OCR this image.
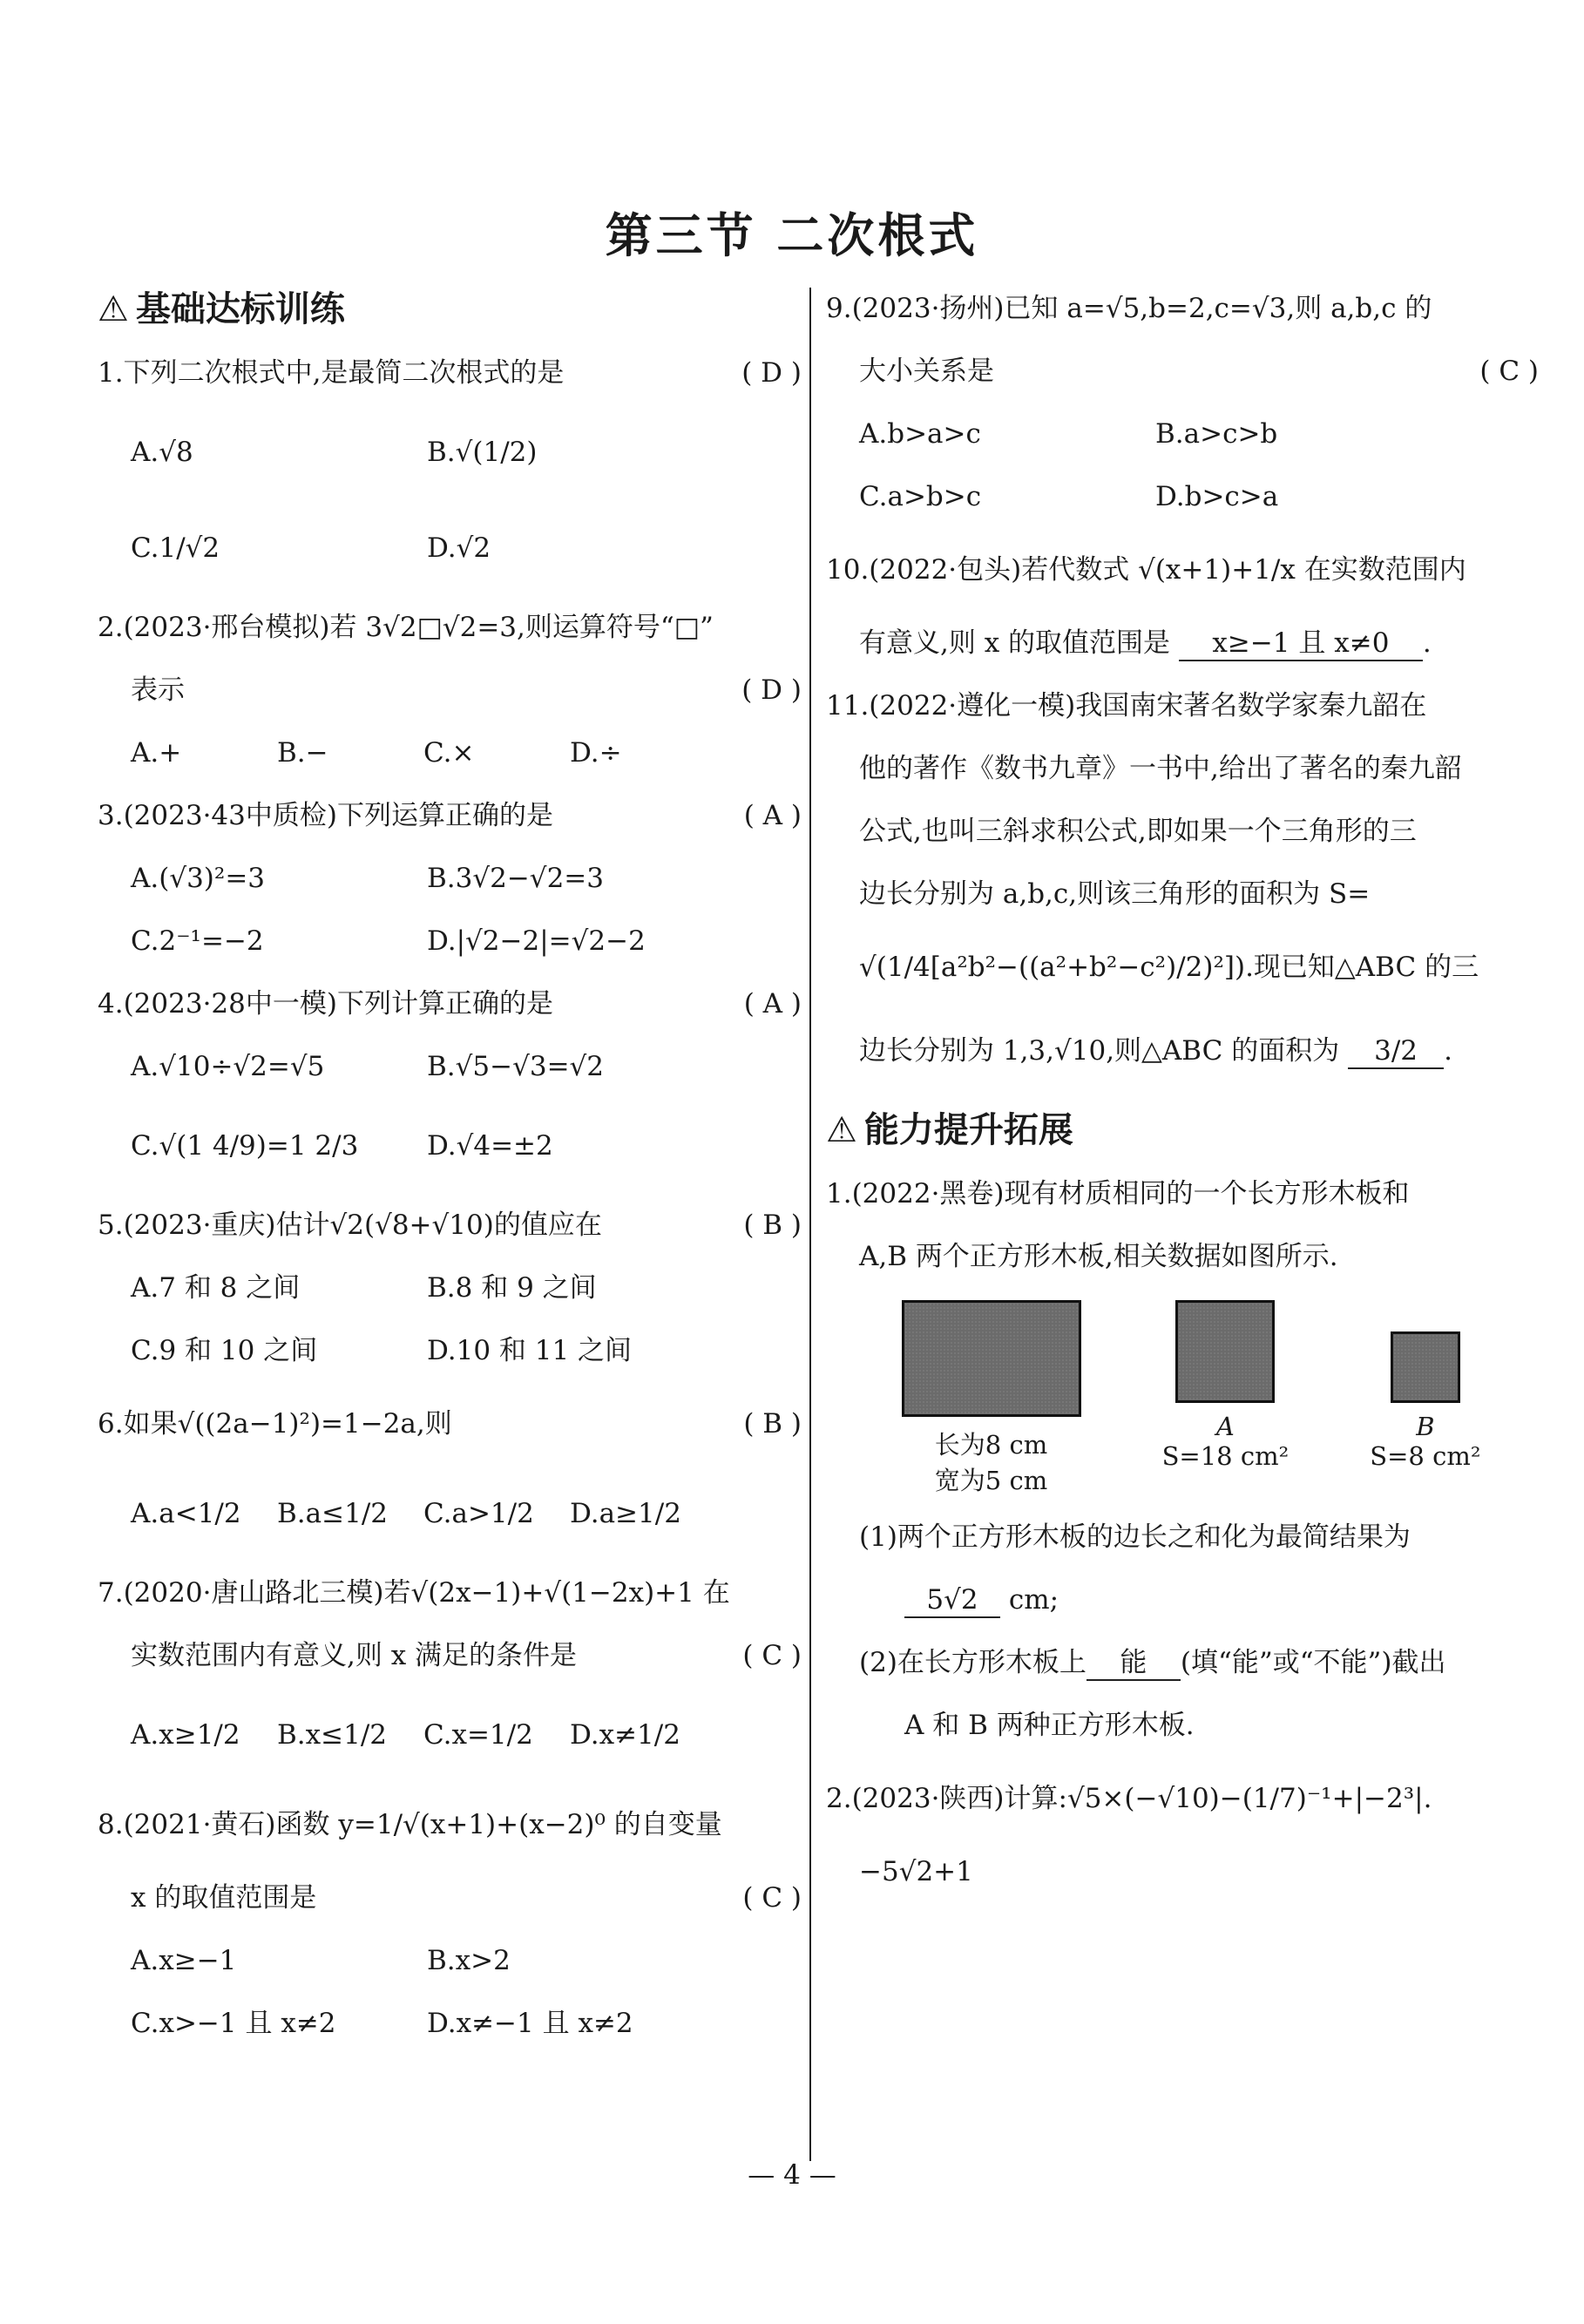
第三节 二次根式
⚠ 基础达标训练
1.下列二次根式中,是最简二次根式的是	( D )
A.√8	B.√(1/2)
C.1/√2	D.√2
2.(2023·邢台模拟)若 3√2□√2=3,则运算符号“□”
表示	( D )
A.+	B.−	C.×	D.÷
3.(2023·43中质检)下列运算正确的是	( A )
A.(√3)²=3	B.3√2−√2=3
C.2⁻¹=−2	D.|√2−2|=√2−2
4.(2023·28中一模)下列计算正确的是	( A )
A.√10÷√2=√5	B.√5−√3=√2
C.√(1 4/9)=1 2/3	D.√4=±2
5.(2023·重庆)估计√2(√8+√10)的值应在	( B )
A.7 和 8 之间	B.8 和 9 之间
C.9 和 10 之间	D.10 和 11 之间
6.如果√((2a−1)²)=1−2a,则	( B )
A.a<1/2	B.a≤1/2	C.a>1/2	D.a≥1/2
7.(2020·唐山路北三模)若√(2x−1)+√(1−2x)+1 在
实数范围内有意义,则 x 满足的条件是	( C )
A.x≥1/2	B.x≤1/2	C.x=1/2	D.x≠1/2
8.(2021·黄石)函数 y=1/√(x+1)+(x−2)⁰ 的自变量
x 的取值范围是	( C )
A.x≥−1	B.x>2
C.x>−1 且 x≠2	D.x≠−1 且 x≠2
9.(2023·扬州)已知 a=√5,b=2,c=√3,则 a,b,c 的
大小关系是	( C )
A.b>a>c	B.a>c>b
C.a>b>c	D.b>c>a
10.(2022·包头)若代数式 √(x+1)+1/x 在实数范围内
有意义,则 x 的取值范围是 x≥−1 且 x≠0 .
11.(2022·遵化一模)我国南宋著名数学家秦九韶在
他的著作《数书九章》一书中,给出了著名的秦九韶
公式,也叫三斜求积公式,即如果一个三角形的三
边长分别为 a,b,c,则该三角形的面积为 S=
√(1/4[a²b²−((a²+b²−c²)/2)²]).现已知△ABC 的三
边长分别为 1,3,√10,则△ABC 的面积为 3/2 .
⚠ 能力提升拓展
1.(2022·黑卷)现有材质相同的一个长方形木板和
A,B 两个正方形木板,相关数据如图所示.
长为8 cm
宽为5 cm
A
S=18 cm²
B
S=8 cm²
(1)两个正方形木板的边长之和化为最简结果为
5√2 cm;
(2)在长方形木板上 能 (填“能”或“不能”)截出
A 和 B 两种正方形木板.
2.(2023·陕西)计算:√5×(−√10)−(1/7)⁻¹+|−2³|.
−5√2+1
— 4 —
